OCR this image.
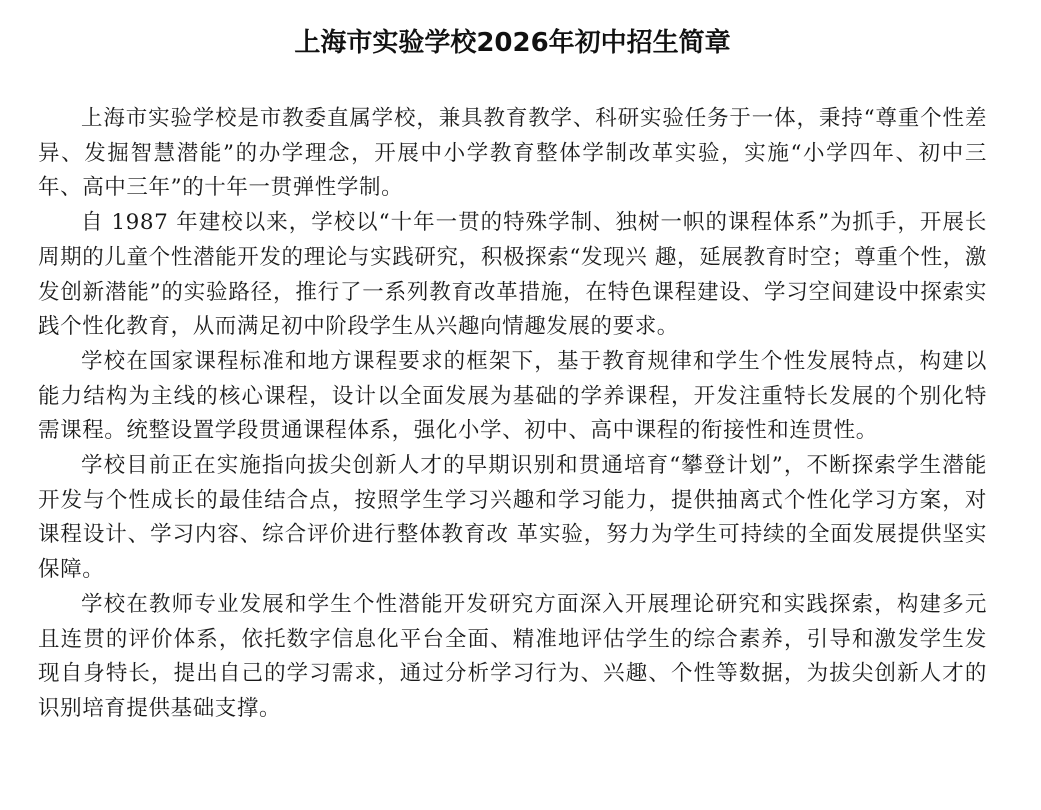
上海市实验学校2026年初中招生简章

上海市实验学校是市教委直属学校，兼具教育教学、科研实验任务于一体，秉持“尊重个性差异、发掘智慧潜能”的办学理念，开展中小学教育整体学制改革实验，实施“小学四年、初中三年、高中三年”的十年一贯弹性学制。

自 1987 年建校以来，学校以“十年一贯的特殊学制、独树一帜的课程体系”为抓手，开展长周期的儿童个性潜能开发的理论与实践研究，积极探索“发现兴 趣，延展教育时空；尊重个性，激发创新潜能”的实验路径，推行了一系列教育改革措施，在特色课程建设、学习空间建设中探索实践个性化教育，从而满足初中阶段学生从兴趣向情趣发展的要求。

学校在国家课程标准和地方课程要求的框架下，基于教育规律和学生个性发展特点，构建以能力结构为主线的核心课程，设计以全面发展为基础的学养课程，开发注重特长发展的个别化特需课程。统整设置学段贯通课程体系，强化小学、初中、高中课程的衔接性和连贯性。

学校目前正在实施指向拔尖创新人才的早期识别和贯通培育“攀登计划”，不断探索学生潜能开发与个性成长的最佳结合点，按照学生学习兴趣和学习能力，提供抽离式个性化学习方案，对课程设计、学习内容、综合评价进行整体教育改 革实验，努力为学生可持续的全面发展提供坚实保障。

学校在教师专业发展和学生个性潜能开发研究方面深入开展理论研究和实践探索，构建多元且连贯的评价体系，依托数字信息化平台全面、精准地评估学生的综合素养，引导和激发学生发现自身特长，提出自己的学习需求，通过分析学习行为、兴趣、个性等数据，为拔尖创新人才的识别培育提供基础支撑。
